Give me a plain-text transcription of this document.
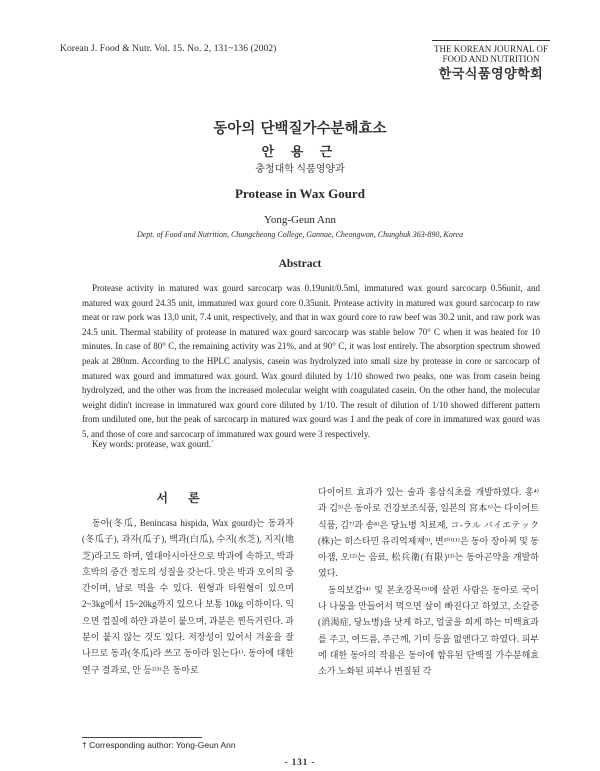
Korean J. Food & Nutr. Vol. 15. No. 2, 131~136 (2002)	THE KOREAN JOURNAL OF
FOOD AND NUTRITION
한국식품영양학회
동아의 단백질가수분해효소
안 용 근
충청대학 식품영양과
Protease in Wax Gourd
Yong-Geun Ann
Dept. of Food and Nutrition, Chungcheong College, Gannae, Cheongwon, Chungbuk 363-890, Korea
Abstract

Protease activity in matured wax gourd sarcocarp was 0.19unit/0.5ml, immatured wax gourd sarcocarp 0.56unit, and matured wax gourd 24.35 unit, immatured wax gourd core 0.35unit. Protease activity in matured wax gourd sarcocarp to raw meat or raw pork was 13,0 unit, 7.4 unit, respectively, and that in wax gourd core to raw beef was 30.2 unit, and raw pork was 24.5 unit. Thermal stability of protease in matured wax gourd sarcocarp was stable below 70° C when it was heated for 10 minutes. In case of 80° C, the remaining activity was 21%, and at 90° C, it was lost entirely. The absorption spectrum showed peak at 280nm. According to the HPLC analysis, casein was hydrolyzed into small size by protease in core or sarcocarp of matured wax gourd and immatured wax gourd. Wax gourd diluted by 1/10 showed two peaks, one was from casein being hydrolyzed, and the other was from the increased molecular weight with coagulated casein. On the other hand, the molecular weight didin't increase in immatured wax gourd core diluted by 1/10. The result of dilution of 1/10 showed different pattern from undiluted one, but the peak of sarcocarp in matured wax gourd was 1 and the peak of core in immatured wax gourd was 5, and those of core and sarcocarp of immatured wax gourd were 3 respectively.

Key words: protease, wax gourd.´
서 론

동아(冬瓜, Benincasa hispida, Wax gourd)는 동과자(冬瓜子), 과자(瓜子), 백과(白瓜), 수지(水芝), 지지(地芝)라고도 하며, 열대아시아산으로 박과에 속하고, 박과 호박의 중간 정도의 성질을 갖는다. 맛은 박과 오이의 중간이며, 날로 먹을 수 있다. 원형과 타원형이 있으며 2~3kg에서 15~20kg까지 있으나 보통 10kg 이하이다. 익으면 껍질에 하얀 과분이 붙으며, 과분은 찐득거린다. 과분이 붙지 않는 것도 있다. 저장성이 있어서 겨울을 잘 나므로 동과(冬瓜)라 쓰고 동아라 읽는다¹⁾. 동아에 대한 연구 결과로, 안 등²⁾³⁾은 동아로

다이어트 효과가 있는 술과 홍삼식초를 개발하였다. 홍⁴⁾과 김⁵⁾은 동아로 건강보조식품, 일본의 宮本⁶⁾는 다이어트 식품, 김⁷⁾과 송⁸⁾은 당뇨병 치료제, コ-ラル バイエテック(株)는 히스타민 유리억제제⁹⁾, 변¹⁰⁾¹¹⁾은 동아 장아찌 및 동아잼, 오¹²⁾는 음료, 松兵衛(有限)¹³⁾는 동아곤약을 개발하였다.

동의보감¹⁴⁾ 및 본초강목¹⁵⁾에 살펀 사람은 동아로 국이나 나물을 만들어서 먹으면 살이 빠진다고 하였고, 소갈증(消渴症, 당뇨병)을 낫게 하고, 얼굴을 희게 하는 미백효과를 주고, 여드름, 주근깨, 기미 등을 없앤다고 하였다. 피부에 대한 동아의 작용은 동아에 함유된 단백질 가수분해효소가 노화된 피부나 변질된 각

† Corresponding author: Yong-Geun Ann
- 131 -
